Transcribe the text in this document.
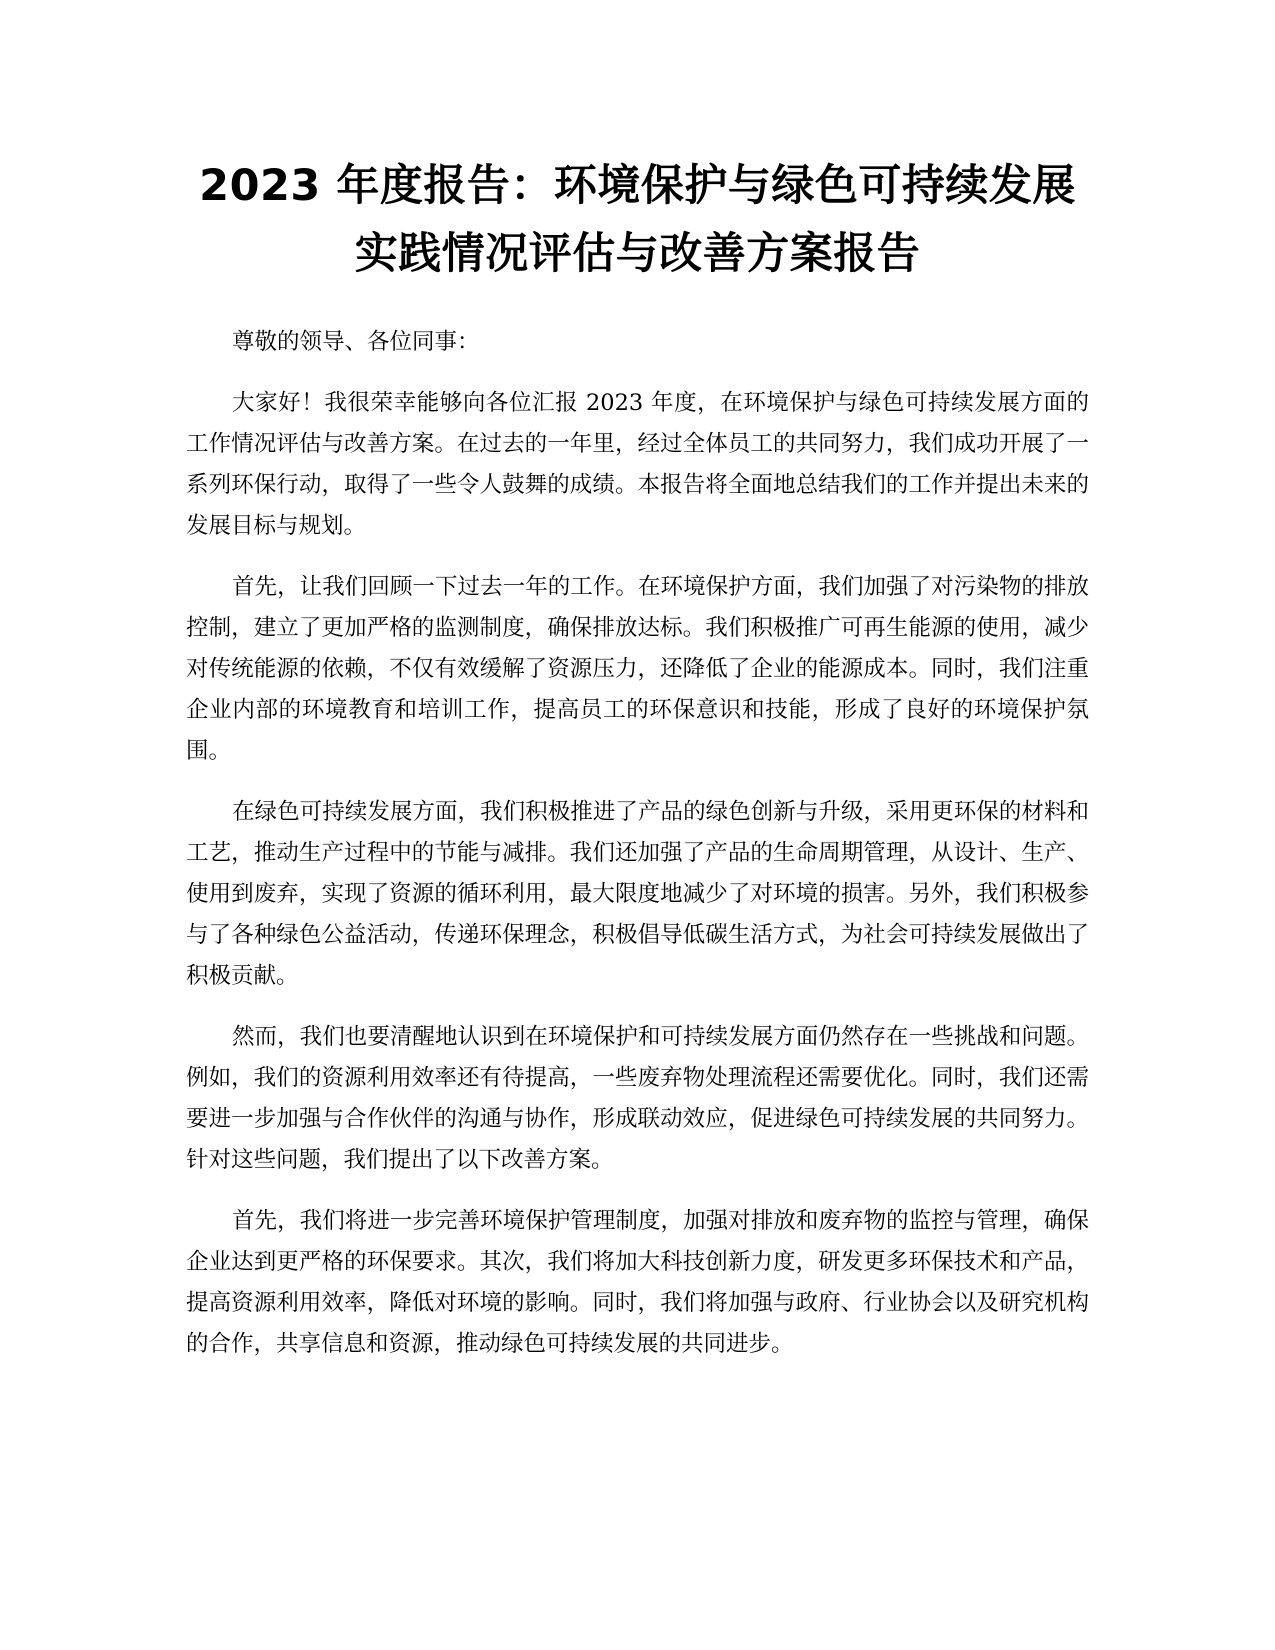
2023 年度报告：环境保护与绿色可持续发展
实践情况评估与改善方案报告

尊敬的领导、各位同事：

大家好！我很荣幸能够向各位汇报 2023 年度，在环境保护与绿色可持续发展方面的工作情况评估与改善方案。在过去的一年里，经过全体员工的共同努力，我们成功开展了一系列环保行动，取得了一些令人鼓舞的成绩。本报告将全面地总结我们的工作并提出未来的发展目标与规划。

首先，让我们回顾一下过去一年的工作。在环境保护方面，我们加强了对污染物的排放控制，建立了更加严格的监测制度，确保排放达标。我们积极推广可再生能源的使用，减少对传统能源的依赖，不仅有效缓解了资源压力，还降低了企业的能源成本。同时，我们注重企业内部的环境教育和培训工作，提高员工的环保意识和技能，形成了良好的环境保护氛围。

在绿色可持续发展方面，我们积极推进了产品的绿色创新与升级，采用更环保的材料和工艺，推动生产过程中的节能与减排。我们还加强了产品的生命周期管理，从设计、生产、使用到废弃，实现了资源的循环利用，最大限度地减少了对环境的损害。另外，我们积极参与了各种绿色公益活动，传递环保理念，积极倡导低碳生活方式，为社会可持续发展做出了积极贡献。

然而，我们也要清醒地认识到在环境保护和可持续发展方面仍然存在一些挑战和问题。例如，我们的资源利用效率还有待提高，一些废弃物处理流程还需要优化。同时，我们还需要进一步加强与合作伙伴的沟通与协作，形成联动效应，促进绿色可持续发展的共同努力。针对这些问题，我们提出了以下改善方案。

首先，我们将进一步完善环境保护管理制度，加强对排放和废弃物的监控与管理，确保企业达到更严格的环保要求。其次，我们将加大科技创新力度，研发更多环保技术和产品，提高资源利用效率，降低对环境的影响。同时，我们将加强与政府、行业协会以及研究机构的合作，共享信息和资源，推动绿色可持续发展的共同进步。
